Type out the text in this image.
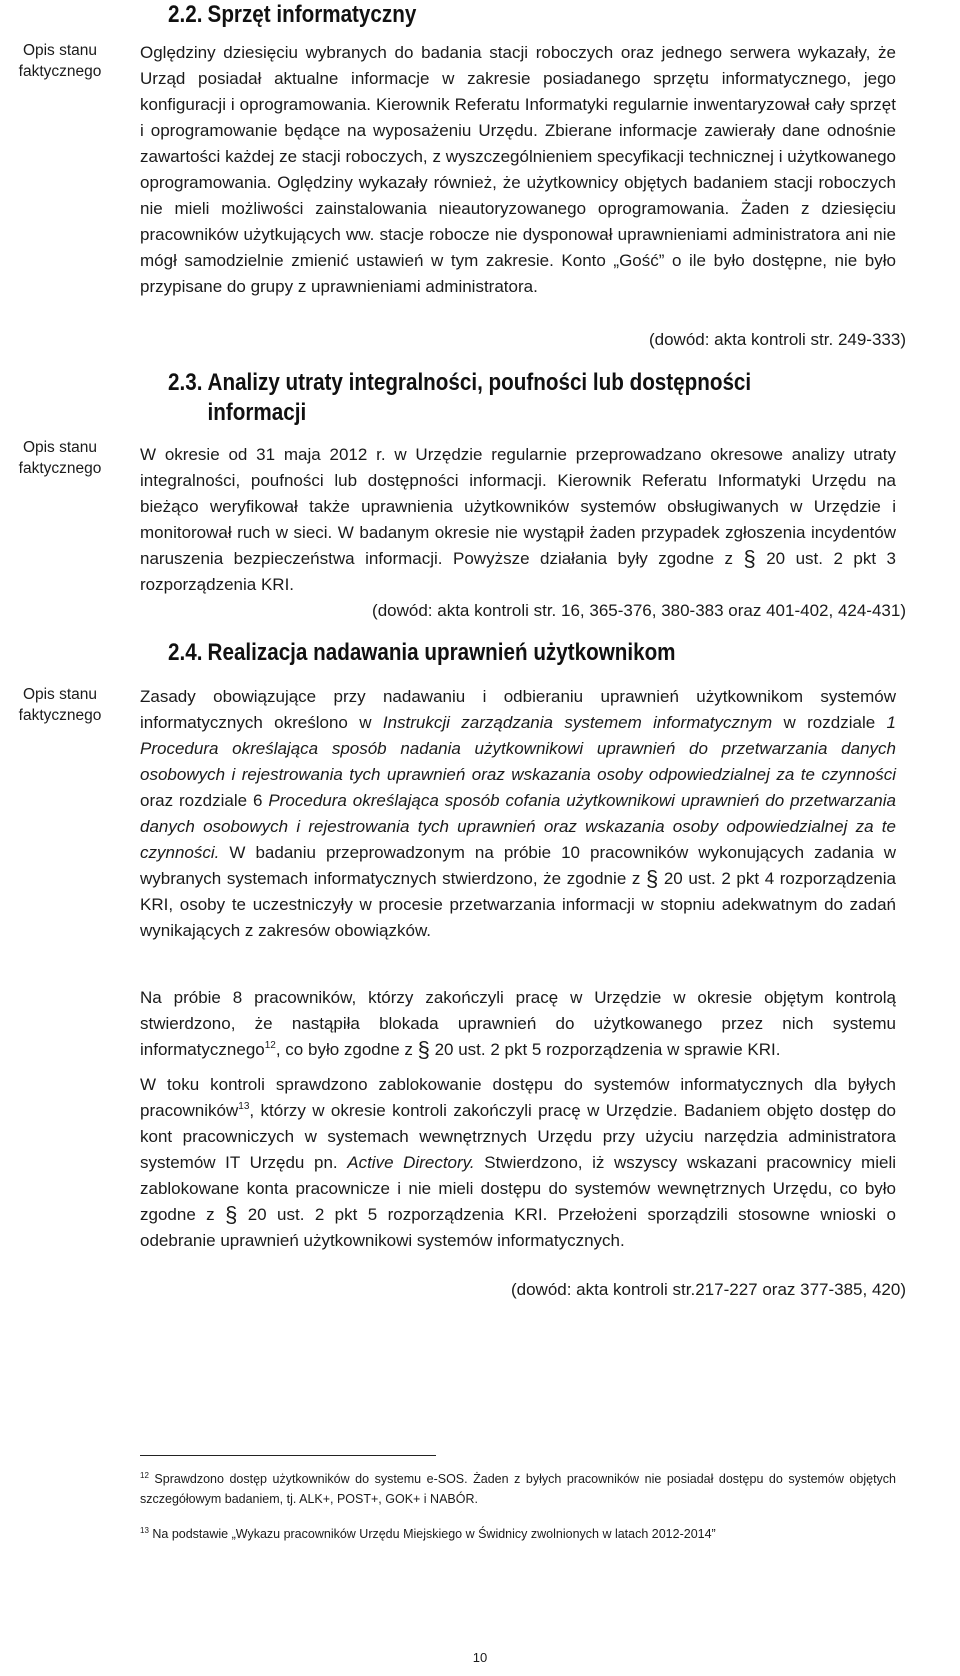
Opis stanu
faktycznego
Opis stanu
faktycznego
Opis stanu
faktycznego
2.2. Sprzęt informatyczny
Oględziny dziesięciu wybranych do badania stacji roboczych oraz jednego serwera wykazały, że Urząd posiadał aktualne informacje w zakresie posiadanego sprzętu informatycznego, jego konfiguracji i oprogramowania. Kierownik Referatu Informatyki regularnie inwentaryzował cały sprzęt i oprogramowanie będące na wyposażeniu Urzędu. Zbierane informacje zawierały dane odnośnie zawartości każdej ze stacji roboczych, z wyszczególnieniem specyfikacji technicznej i użytkowanego oprogramowania. Oględziny wykazały również, że użytkownicy objętych badaniem stacji roboczych nie mieli możliwości zainstalowania nieautoryzowanego oprogramowania. Żaden z dziesięciu pracowników użytkujących ww. stacje robocze nie dysponował uprawnieniami administratora ani nie mógł samodzielnie zmienić ustawień w tym zakresie. Konto „Gość” o ile było dostępne, nie było przypisane do grupy z uprawnieniami administratora.
(dowód: akta kontroli str. 249-333)
2.3. Analizy utraty integralności, poufności lub dostępności
informacji
W okresie od 31 maja 2012 r. w Urzędzie regularnie przeprowadzano okresowe analizy utraty integralności, poufności lub dostępności informacji. Kierownik Referatu Informatyki Urzędu na bieżąco weryfikował także uprawnienia użytkowników systemów obsługiwanych w Urzędzie i monitorował ruch w sieci. W badanym okresie nie wystąpił żaden przypadek zgłoszenia incydentów naruszenia bezpieczeństwa informacji. Powyższe działania były zgodne z § 20 ust. 2 pkt 3 rozporządzenia KRI.
(dowód: akta kontroli str. 16, 365-376, 380-383 oraz 401-402, 424-431)
2.4. Realizacja nadawania uprawnień użytkownikom
Zasady obowiązujące przy nadawaniu i odbieraniu uprawnień użytkownikom systemów informatycznych określono w Instrukcji zarządzania systemem informatycznym w rozdziale 1 Procedura określająca sposób nadania użytkownikowi uprawnień do przetwarzania danych osobowych i rejestrowania tych uprawnień oraz wskazania osoby odpowiedzialnej za te czynności oraz rozdziale 6 Procedura określająca sposób cofania użytkownikowi uprawnień do przetwarzania danych osobowych i rejestrowania tych uprawnień oraz wskazania osoby odpowiedzialnej za te czynności. W badaniu przeprowadzonym na próbie 10 pracowników wykonujących zadania w wybranych systemach informatycznych stwierdzono, że zgodnie z § 20 ust. 2 pkt 4 rozporządzenia KRI, osoby te uczestniczyły w procesie przetwarzania informacji w stopniu adekwatnym do zadań wynikających z zakresów obowiązków.
Na próbie 8 pracowników, którzy zakończyli pracę w Urzędzie w okresie objętym kontrolą stwierdzono, że nastąpiła blokada uprawnień do użytkowanego przez nich systemu informatycznego$^{12}$, co było zgodne z § 20 ust. 2 pkt 5 rozporządzenia w sprawie KRI.
W toku kontroli sprawdzono zablokowanie dostępu do systemów informatycznych dla byłych pracowników$^{13}$, którzy w okresie kontroli zakończyli pracę w Urzędzie. Badaniem objęto dostęp do kont pracowniczych w systemach wewnętrznych Urzędu przy użyciu narzędzia administratora systemów IT Urzędu pn. Active Directory. Stwierdzono, iż wszyscy wskazani pracownicy mieli zablokowane konta pracownicze i nie mieli dostępu do systemów wewnętrznych Urzędu, co było zgodne z § 20 ust. 2 pkt 5 rozporządzenia KRI. Przełożeni sporządzili stosowne wnioski o odebranie uprawnień użytkownikowi systemów informatycznych.
(dowód: akta kontroli str.217-227 oraz 377-385, 420)
$^{12}$ Sprawdzono dostęp użytkowników do systemu e-SOS. Żaden z byłych pracowników nie posiadał dostępu do systemów objętych szczegółowym badaniem, tj. ALK+, POST+, GOK+ i NABÓR.
$^{13}$ Na podstawie „Wykazu pracowników Urzędu Miejskiego w Świdnicy zwolnionych w latach 2012-2014”
10
